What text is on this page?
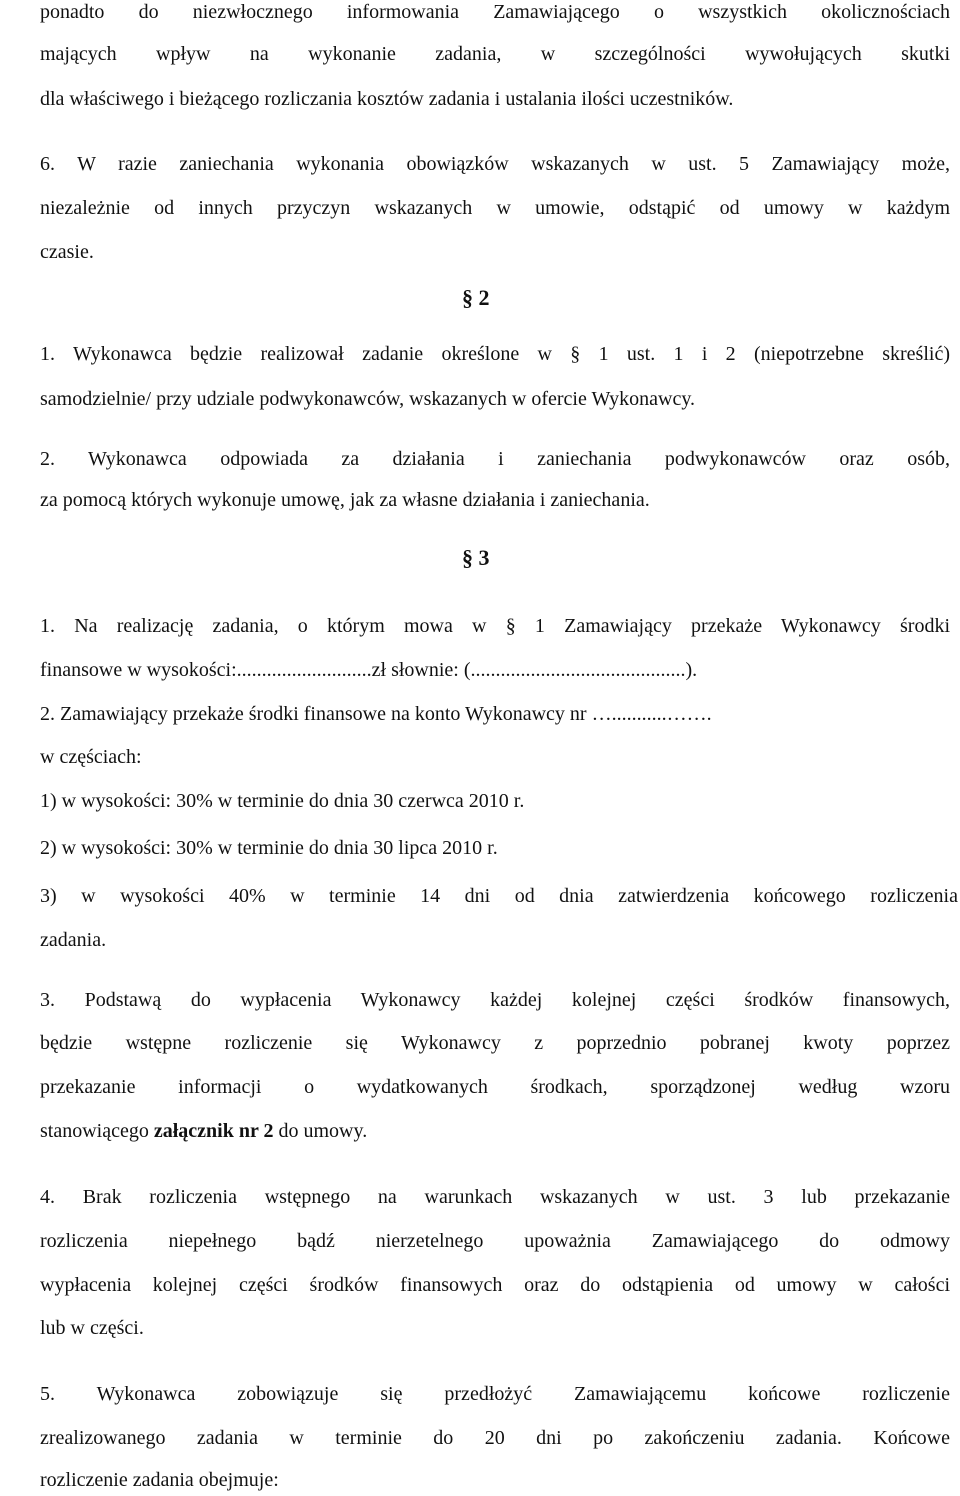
ponadto do niezwłocznego informowania Zamawiającego o wszystkich okolicznościach
mających wpływ na wykonanie zadania, w szczególności wywołujących skutki
dla właściwego i bieżącego rozliczania kosztów zadania i ustalania ilości uczestników.
6. W razie zaniechania wykonania obowiązków wskazanych w ust. 5 Zamawiający może,
niezależnie od innych przyczyn wskazanych w umowie, odstąpić od umowy w każdym
czasie.
§ 2
1. Wykonawca będzie realizował zadanie określone w § 1 ust. 1 i 2 (niepotrzebne skreślić)
samodzielnie/ przy udziale podwykonawców, wskazanych w ofercie Wykonawcy.
2. Wykonawca odpowiada za działania i zaniechania podwykonawców oraz osób,
za pomocą których wykonuje umowę, jak za własne działania i zaniechania.
§ 3
1. Na realizację zadania, o którym mowa w § 1 Zamawiający przekaże Wykonawcy środki
finansowe w wysokości:...........................zł słownie: (...........................................).
2. Zamawiający przekaże środki finansowe na konto Wykonawcy nr …...........…….
w częściach:
1) w wysokości: 30% w terminie do dnia 30 czerwca 2010 r.
2) w wysokości: 30% w terminie do dnia 30 lipca 2010 r.
3) w wysokości 40% w terminie 14 dni od dnia zatwierdzenia końcowego rozliczenia
zadania.
3. Podstawą do wypłacenia Wykonawcy każdej kolejnej części środków finansowych,
będzie wstępne rozliczenie się Wykonawcy z poprzednio pobranej kwoty poprzez
przekazanie informacji o wydatkowanych środkach, sporządzonej według wzoru
stanowiącego załącznik nr 2 do umowy.
4. Brak rozliczenia wstępnego na warunkach wskazanych w ust. 3 lub przekazanie
rozliczenia niepełnego bądź nierzetelnego upoważnia Zamawiającego do odmowy
wypłacenia kolejnej części środków finansowych oraz do odstąpienia od umowy w całości
lub w części.
5. Wykonawca zobowiązuje się przedłożyć Zamawiającemu końcowe rozliczenie
zrealizowanego zadania w terminie do 20 dni po zakończeniu zadania. Końcowe
rozliczenie zadania obejmuje:
